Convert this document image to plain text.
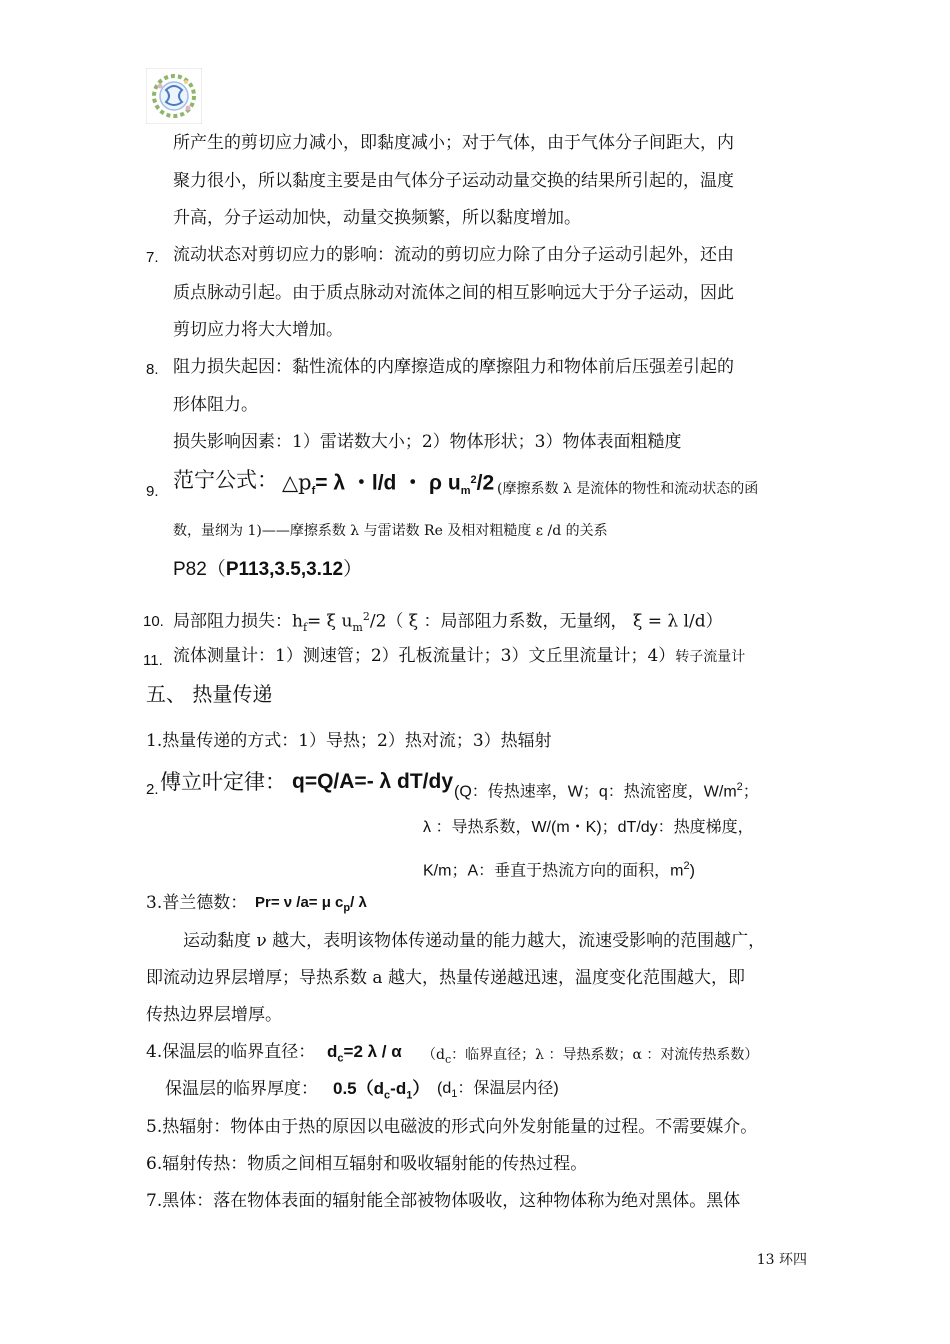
所产生的剪切应力减小，即黏度减小；对于气体，由于气体分子间距大，内
聚力很小，所以黏度主要是由气体分子运动动量交换的结果所引起的，温度
升高，分子运动加快，动量交换频繁，所以黏度增加。
7. 流动状态对剪切应力的影响：流动的剪切应力除了由分子运动引起外，还由
质点脉动引起。由于质点脉动对流体之间的相互影响远大于分子运动，因此
剪切应力将大大增加。
8. 阻力损失起因：黏性流体的内摩擦造成的摩擦阻力和物体前后压强差引起的
形体阻力。
损失影响因素：1）雷诺数大小；2）物体形状；3）物体表面粗糙度
9. 范宁公式： $\triangle p_f= \lambda$ ・l/d ・ ρ $u_m^2/2$ (摩擦系数 λ 是流体的物性和流动状态的函
数，量纲为 1)——摩擦系数 λ 与雷诺数 Re 及相对粗糙度 ε /d 的关系
P82（P113,3.5,3.12）
10. 局部阻力损失：$h_f= \xi$ $u_m^2/2$（ ξ ：局部阻力系数，无量纲， ξ = λ l/d）
11. 流体测量计：1）测速管；2）孔板流量计；3）文丘里流量计；4）转子流量计
五、 热量传递
1.热量传递的方式：1）导热；2）热对流；3）热辐射
2. 傅立叶定律： q=Q/A=- λ dT/dy (Q：传热速率，W；q：热流密度，$W/m^2$；
λ ：导热系数，W/(m・K)；dT/dy：热度梯度，
K/m；A：垂直于热流方向的面积，$m^2$)
3.普兰德数： Pr= ν /a= μ $c_p/$ λ
运动黏度 ν 越大，表明该物体传递动量的能力越大，流速受影响的范围越广，
即流动边界层增厚；导热系数 a 越大，热量传递越迅速，温度变化范围越大，即
传热边界层增厚。
4.保温层的临界直径： $d_c=2$ λ / α （$d_c$：临界直径；λ ：导热系数；α ：对流传热系数）
保温层的临界厚度： $0.5(d_c-d_1)$ ($d_1$：保温层内径)
5.热辐射：物体由于热的原因以电磁波的形式向外发射能量的过程。不需要媒介。
6.辐射传热：物质之间相互辐射和吸收辐射能的传热过程。
7.黑体：落在物体表面的辐射能全部被物体吸收，这种物体称为绝对黑体。黑体
13 环四
